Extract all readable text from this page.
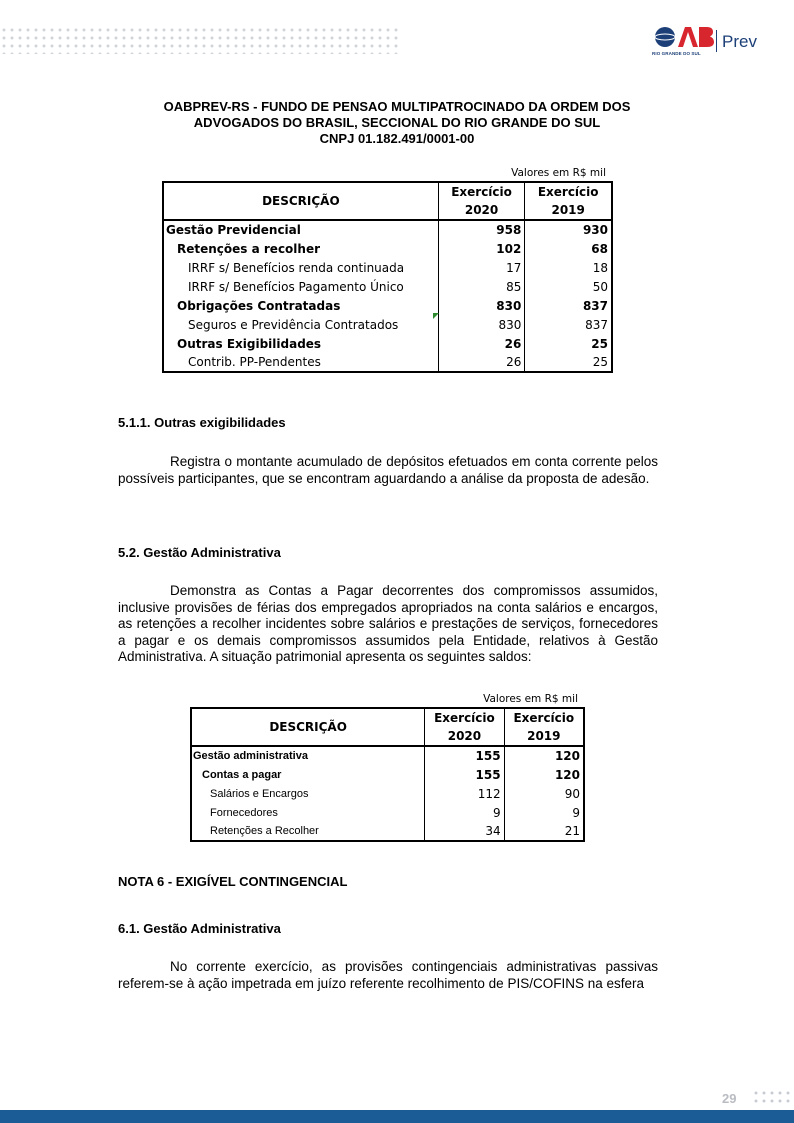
RIO GRANDE DO SUL
Prev
OABPREV-RS - FUNDO DE PENSAO MULTIPATROCINADO DA ORDEM DOS
ADVOGADOS DO BRASIL, SECCIONAL DO RIO GRANDE DO SUL
CNPJ 01.182.491/0001-00
Valores em R$ mil
DESCRIÇÃO	Exercício	Exercício
	2020	2019
Gestão Previdencial	958	930
Retenções a recolher	102	68
IRRF s/ Benefícios renda continuada	17	18
IRRF s/ Benefícios Pagamento Único	85	50
Obrigações Contratadas	830	837
Seguros e Previdência Contratados	830	837
Outras Exigibilidades	26	25
Contrib. PP-Pendentes	26	25
5.1.1. Outras exigibilidades
Registra o montante acumulado de depósitos efetuados em conta corrente pelos possíveis participantes, que se encontram aguardando a análise da proposta de adesão.
5.2. Gestão Administrativa
Demonstra as Contas a Pagar decorrentes dos compromissos assumidos, inclusive provisões de férias dos empregados apropriados na conta salários e encargos, as retenções a recolher incidentes sobre salários e prestações de serviços, fornecedores a pagar e os demais compromissos assumidos pela Entidade, relativos à Gestão Administrativa. A situação patrimonial apresenta os seguintes saldos:
Valores em R$ mil
DESCRIÇÃO	Exercício	Exercício
	2020	2019
Gestão administrativa	155	120
Contas a pagar	155	120
Salários e Encargos	112	90
Fornecedores	9	9
Retenções a Recolher	34	21
NOTA 6 - EXIGÍVEL CONTINGENCIAL
6.1. Gestão Administrativa
No corrente exercício, as provisões contingenciais administrativas passivas referem-se à ação impetrada em juízo referente recolhimento de PIS/COFINS na esfera
29
